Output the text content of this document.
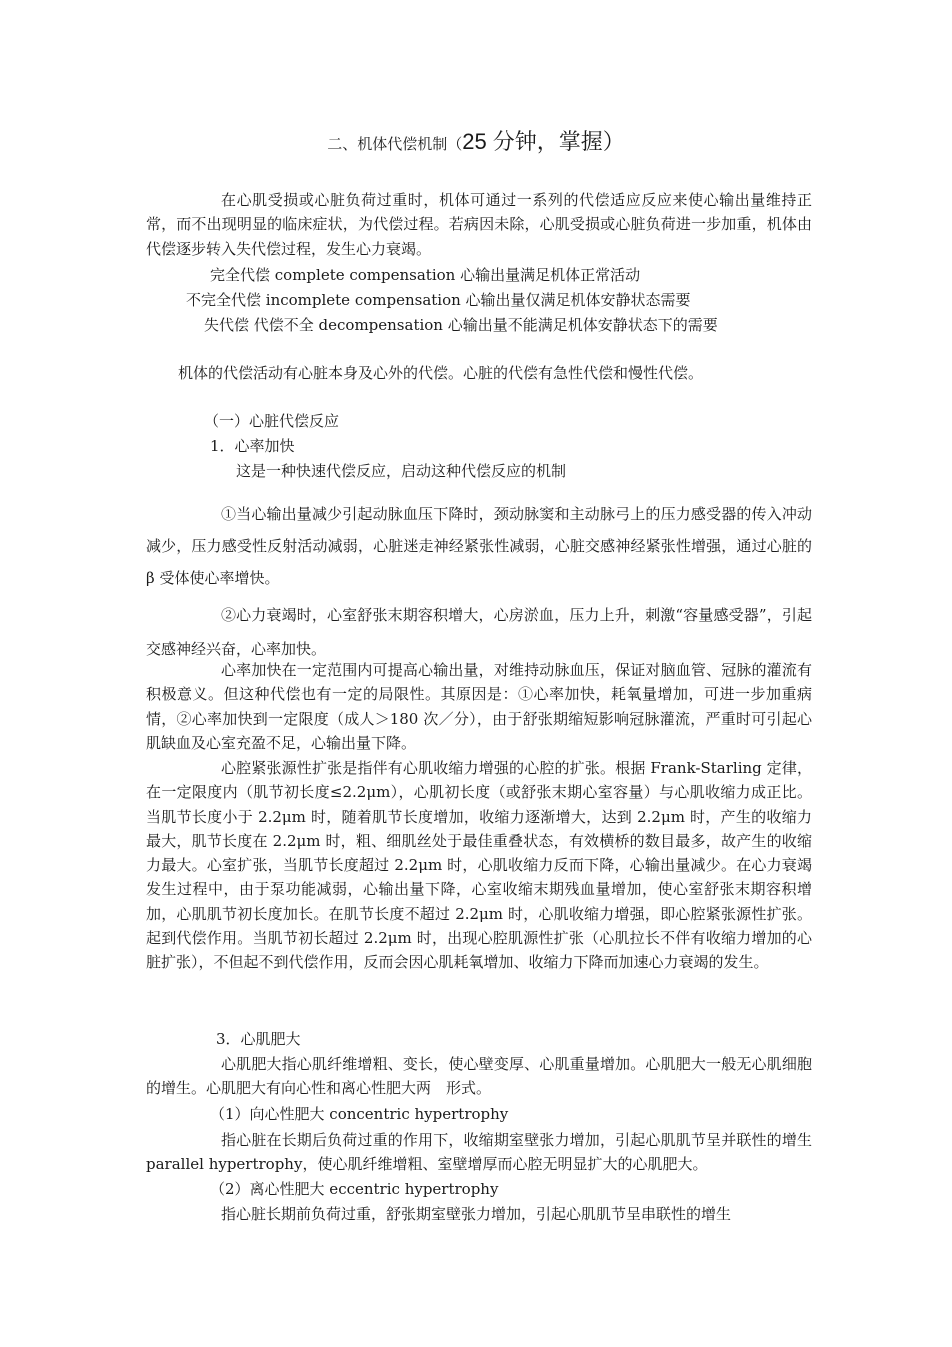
二、机体代偿机制（25 分钟，掌握）
在心肌受损或心脏负荷过重时，机体可通过一系列的代偿适应反应来使心输出量维持正常，而不出现明显的临床症状，为代偿过程。若病因未除，心肌受损或心脏负荷进一步加重，机体由代偿逐步转入失代偿过程，发生心力衰竭。
完全代偿 complete compensation 心输出量满足机体正常活动
不完全代偿 incomplete compensation 心输出量仅满足机体安静状态需要
失代偿 代偿不全 decompensation 心输出量不能满足机体安静状态下的需要
机体的代偿活动有心脏本身及心外的代偿。心脏的代偿有急性代偿和慢性代偿。
（一）心脏代偿反应
1．心率加快
这是一种快速代偿反应，启动这种代偿反应的机制
①当心输出量减少引起动脉血压下降时，颈动脉窦和主动脉弓上的压力感受器的传入冲动减少，压力感受性反射活动减弱，心脏迷走神经紧张性减弱，心脏交感神经紧张性增强，通过心脏的 β 受体使心率增快。
②心力衰竭时，心室舒张末期容积增大，心房淤血，压力上升，刺激“容量感受器”，引起交感神经兴奋，心率加快。
心率加快在一定范围内可提高心输出量，对维持动脉血压，保证对脑血管、冠脉的灌流有积极意义。但这种代偿也有一定的局限性。其原因是：①心率加快，耗氧量增加，可进一步加重病情，②心率加快到一定限度（成人＞180 次／分），由于舒张期缩短影响冠脉灌流，严重时可引起心肌缺血及心室充盈不足，心输出量下降。
心腔紧张源性扩张是指伴有心肌收缩力增强的心腔的扩张。根据 Frank-Starling 定律，在一定限度内（肌节初长度≤2.2μm），心肌初长度（或舒张末期心室容量）与心肌收缩力成正比。当肌节长度小于 2.2μm 时，随着肌节长度增加，收缩力逐渐增大，达到 2.2μm 时，产生的收缩力最大，肌节长度在 2.2μm 时，粗、细肌丝处于最佳重叠状态，有效横桥的数目最多，故产生的收缩力最大。心室扩张，当肌节长度超过 2.2μm 时，心肌收缩力反而下降，心输出量减少。在心力衰竭发生过程中，由于泵功能减弱，心输出量下降，心室收缩末期残血量增加，使心室舒张末期容积增加，心肌肌节初长度加长。在肌节长度不超过 2.2μm 时，心肌收缩力增强，即心腔紧张源性扩张。起到代偿作用。当肌节初长超过 2.2μm 时，出现心腔肌源性扩张（心肌拉长不伴有收缩力增加的心脏扩张），不但起不到代偿作用，反而会因心肌耗氧增加、收缩力下降而加速心力衰竭的发生。
3．心肌肥大
心肌肥大指心肌纤维增粗、变长，使心壁变厚、心肌重量增加。心肌肥大一般无心肌细胞的增生。心肌肥大有向心性和离心性肥大两　形式。
（1）向心性肥大 concentric hypertrophy
指心脏在长期后负荷过重的作用下，收缩期室壁张力增加，引起心肌肌节呈并联性的增生 parallel hypertrophy，使心肌纤维增粗、室壁增厚而心腔无明显扩大的心肌肥大。
（2）离心性肥大 eccentric hypertrophy
指心脏长期前负荷过重，舒张期室壁张力增加，引起心肌肌节呈串联性的增生
